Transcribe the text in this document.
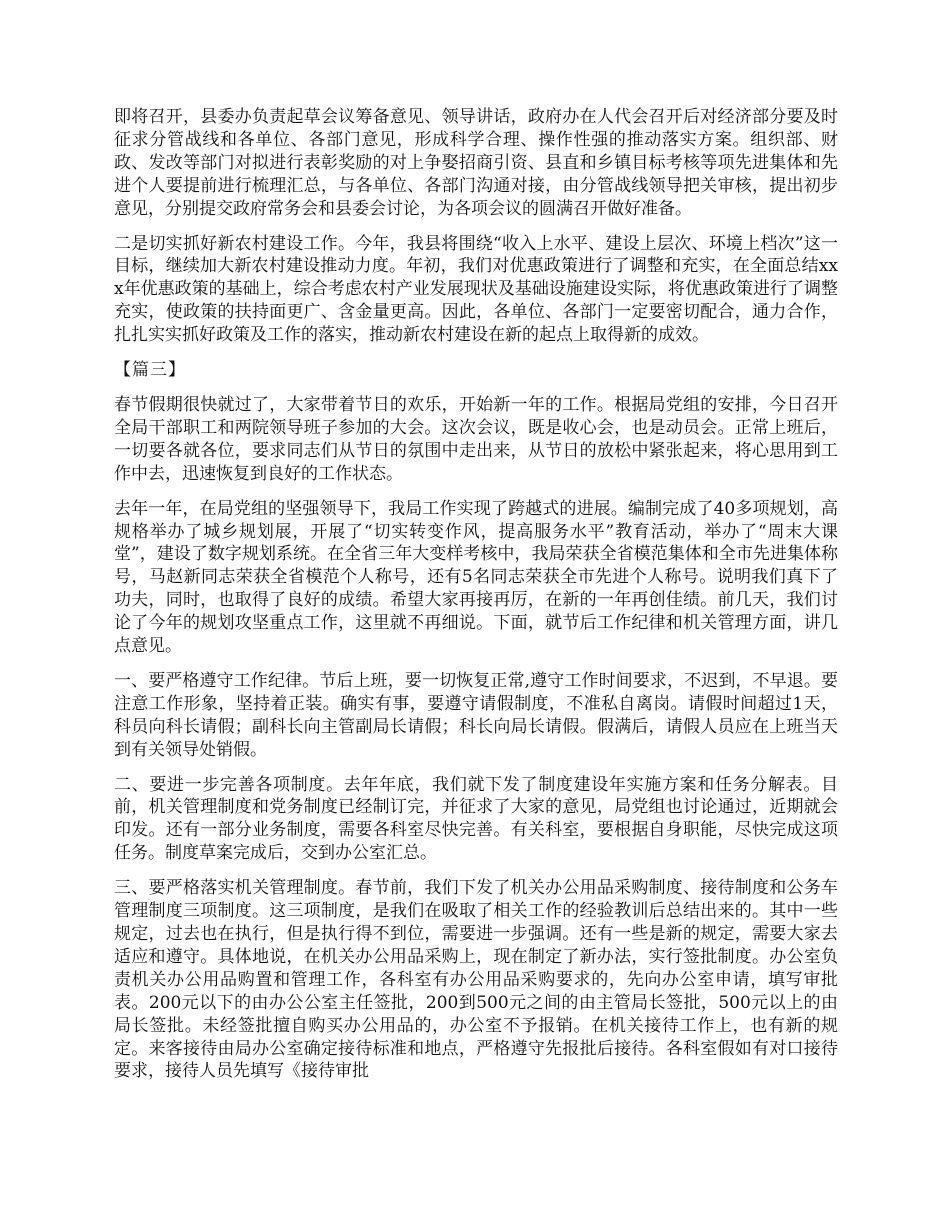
即将召开，县委办负责起草会议筹备意见、领导讲话，政府办在人代会召开后对经济部分要及时征求分管战线和各单位、各部门意见，形成科学合理、操作性强的推动落实方案。组织部、财政、发改等部门对拟进行表彰奖励的对上争娶招商引资、县直和乡镇目标考核等项先进集体和先进个人要提前进行梳理汇总，与各单位、各部门沟通对接，由分管战线领导把关审核，提出初步意见，分别提交政府常务会和县委会讨论，为各项会议的圆满召开做好准备。

二是切实抓好新农村建设工作。今年，我县将围绕“收入上水平、建设上层次、环境上档次”这一目标，继续加大新农村建设推动力度。年初，我们对优惠政策进行了调整和充实，在全面总结xxx年优惠政策的基础上，综合考虑农村产业发展现状及基础设施建设实际，将优惠政策进行了调整充实，使政策的扶持面更广、含金量更高。因此，各单位、各部门一定要密切配合，通力合作，扎扎实实抓好政策及工作的落实，推动新农村建设在新的起点上取得新的成效。

【篇三】

春节假期很快就过了，大家带着节日的欢乐，开始新一年的工作。根据局党组的安排，今日召开全局干部职工和两院领导班子参加的大会。这次会议，既是收心会，也是动员会。正常上班后，一切要各就各位，要求同志们从节日的氛围中走出来，从节日的放松中紧张起来，将心思用到工作中去，迅速恢复到良好的工作状态。

去年一年，在局党组的坚强领导下，我局工作实现了跨越式的进展。编制完成了40多项规划，高规格举办了城乡规划展，开展了“切实转变作风，提高服务水平”教育活动，举办了“周末大课堂”，建设了数字规划系统。在全省三年大变样考核中，我局荣获全省模范集体和全市先进集体称号，马赵新同志荣获全省模范个人称号，还有5名同志荣获全市先进个人称号。说明我们真下了功夫，同时，也取得了良好的成绩。希望大家再接再厉，在新的一年再创佳绩。前几天，我们讨论了今年的规划攻坚重点工作，这里就不再细说。下面，就节后工作纪律和机关管理方面，讲几点意见。

一、要严格遵守工作纪律。节后上班，要一切恢复正常,遵守工作时间要求，不迟到，不早退。要注意工作形象，坚持着正装。确实有事，要遵守请假制度，不准私自离岗。请假时间超过1天，科员向科长请假；副科长向主管副局长请假；科长向局长请假。假满后，请假人员应在上班当天到有关领导处销假。

二、要进一步完善各项制度。去年年底，我们就下发了制度建设年实施方案和任务分解表。目前，机关管理制度和党务制度已经制订完，并征求了大家的意见，局党组也讨论通过，近期就会印发。还有一部分业务制度，需要各科室尽快完善。有关科室，要根据自身职能，尽快完成这项任务。制度草案完成后，交到办公室汇总。

三、要严格落实机关管理制度。春节前，我们下发了机关办公用品采购制度、接待制度和公务车管理制度三项制度。这三项制度，是我们在吸取了相关工作的经验教训后总结出来的。其中一些规定，过去也在执行，但是执行得不到位，需要进一步强调。还有一些是新的规定，需要大家去适应和遵守。具体地说，在机关办公用品采购上，现在制定了新办法，实行签批制度。办公室负责机关办公用品购置和管理工作，各科室有办公用品采购要求的，先向办公室申请，填写审批表。200元以下的由办公公室主任签批，200到500元之间的由主管局长签批，500元以上的由局长签批。未经签批擅自购买办公用品的，办公室不予报销。在机关接待工作上，也有新的规定。来客接待由局办公室确定接待标准和地点，严格遵守先报批后接待。各科室假如有对口接待要求，接待人员先填写《接待审批
